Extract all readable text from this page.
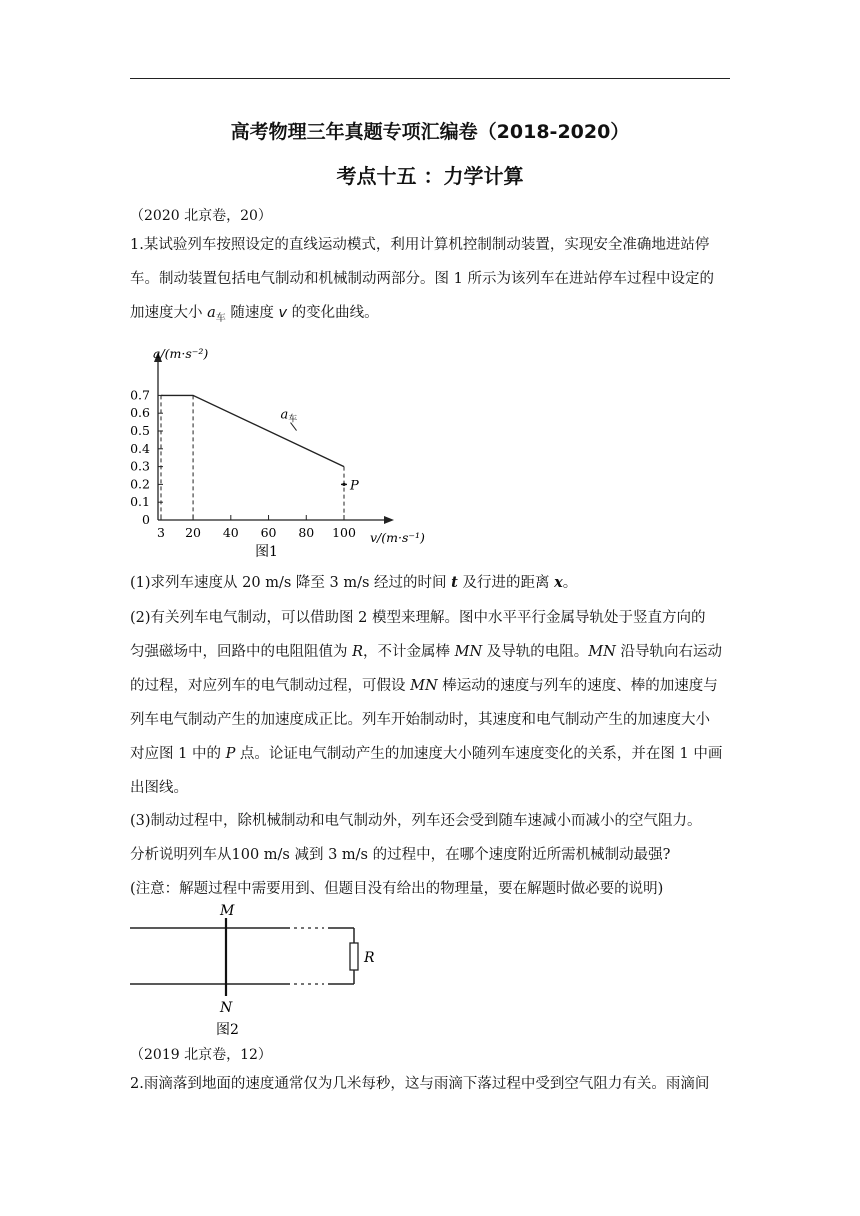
高考物理三年真题专项汇编卷（2018-2020）
考点十五 ：力学计算
（2020 北京卷，20）
1.某试验列车按照设定的直线运动模式，利用计算机控制制动装置，实现安全准确地进站停
车。制动装置包括电气制动和机械制动两部分。图 1 所示为该列车在进站停车过程中设定的
加速度大小 $a_车$ 随速度 v 的变化曲线。
a/(m·s⁻²)
v/(m·s⁻¹)
0
0.1
0.2
0.3
0.4
0.5
0.6
0.7
3 20 40 60 80 100
$a_车$
P
图1
(1)求列车速度从 20 m/s 降至 3 m/s 经过的时间 t 及行进的距离 x。
(2)有关列车电气制动，可以借助图 2 模型来理解。图中水平平行金属导轨处于竖直方向的
匀强磁场中，回路中的电阻阻值为 R，不计金属棒 MN 及导轨的电阻。MN 沿导轨向右运动
的过程，对应列车的电气制动过程，可假设 MN 棒运动的速度与列车的速度、棒的加速度与
列车电气制动产生的加速度成正比。列车开始制动时，其速度和电气制动产生的加速度大小
对应图 1 中的 P 点。论证电气制动产生的加速度大小随列车速度变化的关系，并在图 1 中画
出图线。
(3)制动过程中，除机械制动和电气制动外，列车还会受到随车速减小而减小的空气阻力。
分析说明列车从100 m/s 减到 3 m/s 的过程中，在哪个速度附近所需机械制动最强?
(注意：解题过程中需要用到、但题目没有给出的物理量，要在解题时做必要的说明)
M
N
R
图2
（2019 北京卷，12）
2.雨滴落到地面的速度通常仅为几米每秒，这与雨滴下落过程中受到空气阻力有关。雨滴间
